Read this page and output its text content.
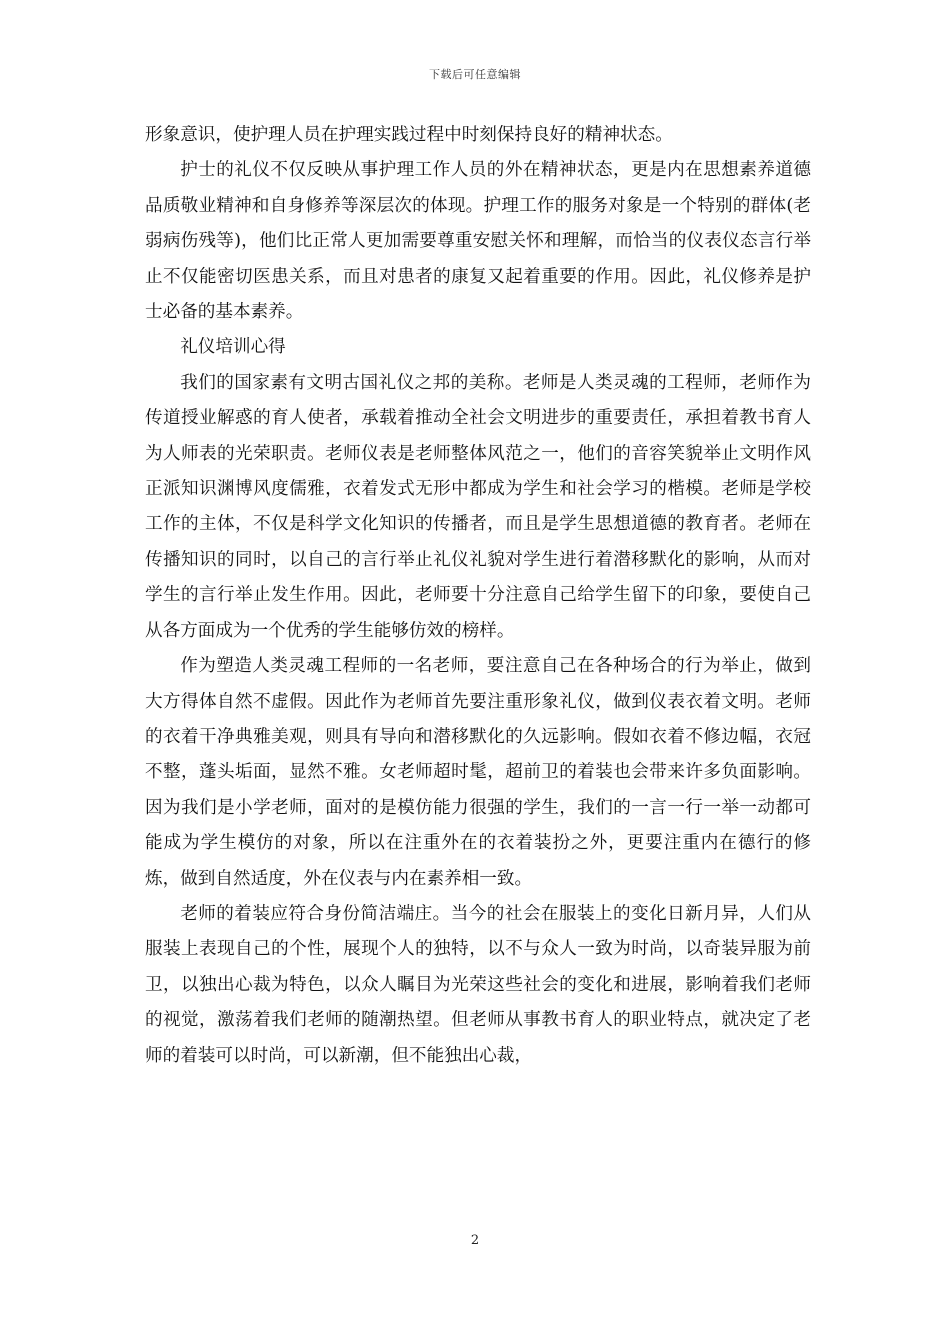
下载后可任意编辑

形象意识，使护理人员在护理实践过程中时刻保持良好的精神状态。

护士的礼仪不仅反映从事护理工作人员的外在精神状态，更是内在思想素养道德品质敬业精神和自身修养等深层次的体现。护理工作的服务对象是一个特别的群体(老弱病伤残等)，他们比正常人更加需要尊重安慰关怀和理解，而恰当的仪表仪态言行举止不仅能密切医患关系，而且对患者的康复又起着重要的作用。因此，礼仪修养是护士必备的基本素养。

礼仪培训心得

我们的国家素有文明古国礼仪之邦的美称。老师是人类灵魂的工程师，老师作为传道授业解惑的育人使者，承载着推动全社会文明进步的重要责任，承担着教书育人为人师表的光荣职责。老师仪表是老师整体风范之一，他们的音容笑貌举止文明作风正派知识渊博风度儒雅，衣着发式无形中都成为学生和社会学习的楷模。老师是学校工作的主体，不仅是科学文化知识的传播者，而且是学生思想道德的教育者。老师在传播知识的同时，以自己的言行举止礼仪礼貌对学生进行着潜移默化的影响，从而对学生的言行举止发生作用。因此，老师要十分注意自己给学生留下的印象，要使自己从各方面成为一个优秀的学生能够仿效的榜样。

作为塑造人类灵魂工程师的一名老师，要注意自己在各种场合的行为举止，做到大方得体自然不虚假。因此作为老师首先要注重形象礼仪，做到仪表衣着文明。老师的衣着干净典雅美观，则具有导向和潜移默化的久远影响。假如衣着不修边幅，衣冠不整，蓬头垢面，显然不雅。女老师超时髦，超前卫的着装也会带来许多负面影响。因为我们是小学老师，面对的是模仿能力很强的学生，我们的一言一行一举一动都可能成为学生模仿的对象，所以在注重外在的衣着装扮之外，更要注重内在德行的修炼，做到自然适度，外在仪表与内在素养相一致。

老师的着装应符合身份简洁端庄。当今的社会在服装上的变化日新月异，人们从服装上表现自己的个性，展现个人的独特，以不与众人一致为时尚，以奇装异服为前卫，以独出心裁为特色，以众人瞩目为光荣这些社会的变化和进展，影响着我们老师的视觉，激荡着我们老师的随潮热望。但老师从事教书育人的职业特点，就决定了老师的着装可以时尚，可以新潮，但不能独出心裁，

2
